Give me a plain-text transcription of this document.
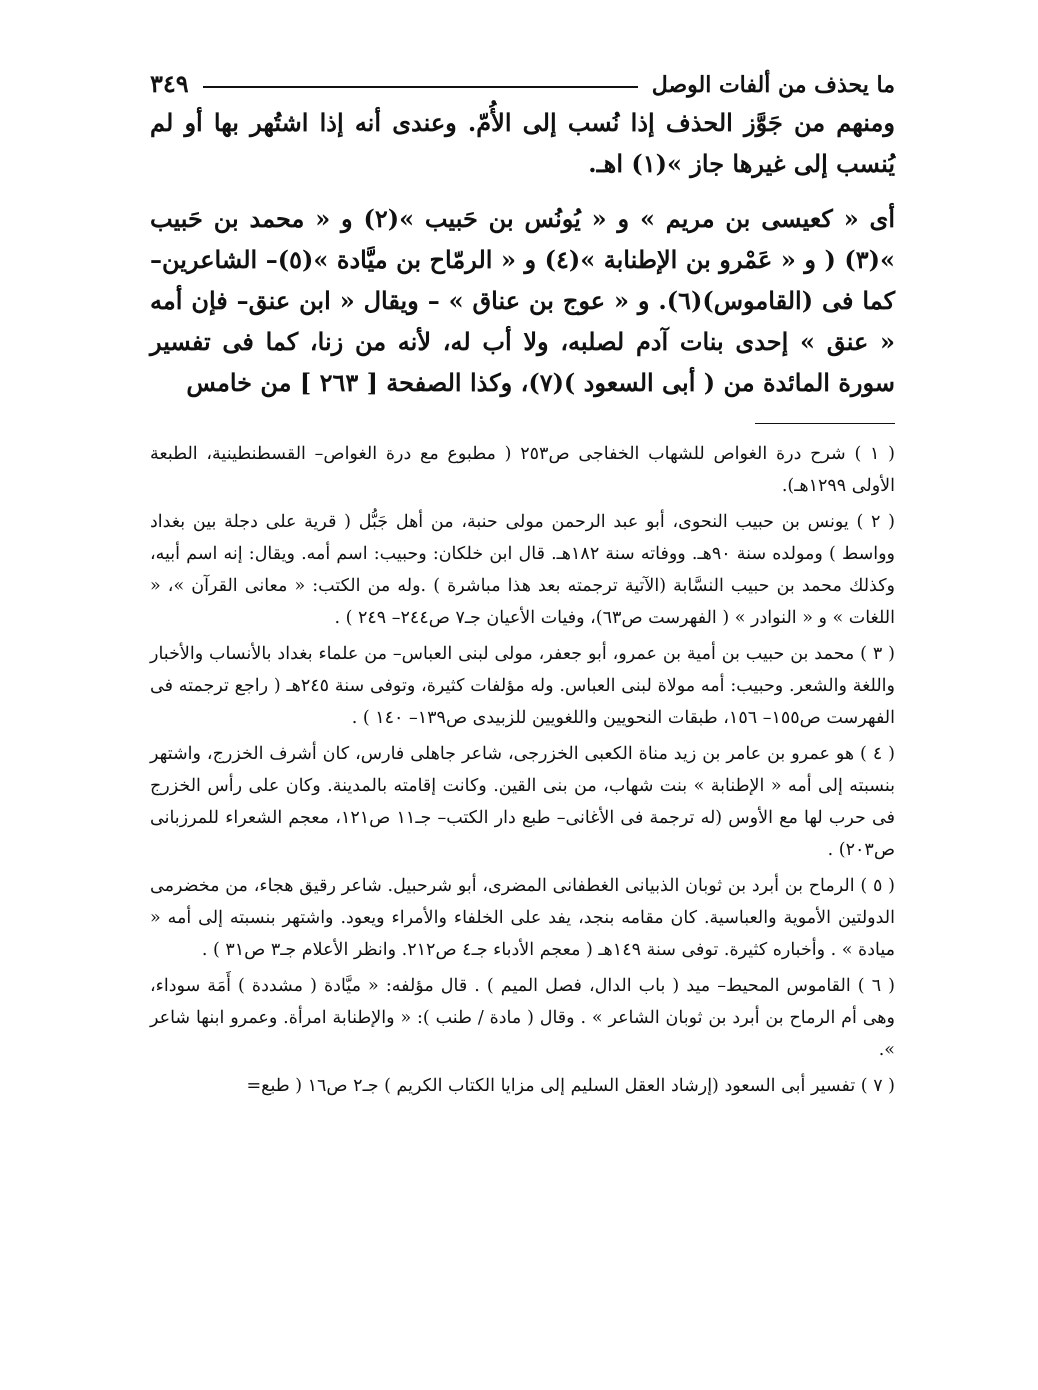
ما يحذف من ألفات الوصل
٣٤٩

ومنهم من جَوَّز الحذف إذا نُسب إلى الأُمّ. وعندى أنه إذا اشتُهر بها أو لم يُنسب إلى غيرها جاز »(١) اهـ.

أى « كعيسى بن مريم » و « يُونُس بن حَبيب »(٢) و « محمد بن حَبيب »(٣) ( و « عَمْرو بن الإطنابة »(٤) و « الرمّاح بن ميَّادة »(٥)– الشاعرين– كما فى (القاموس)(٦). و « عوج بن عناق » – ويقال « ابن عنق– فإن أمه « عنق » إحدى بنات آدم لصلبه، ولا أب له، لأنه من زنا، كما فى تفسير سورة المائدة من ( أبى السعود )(٧)، وكذا الصفحة [ ٢٦٣ ] من خامس

( ١ ) شرح درة الغواص للشهاب الخفاجى ص٢٥٣ ( مطبوع مع درة الغواص– القسطنطينية، الطبعة الأولى ١٢٩٩هـ).

( ٢ ) يونس بن حبيب النحوى، أبو عبد الرحمن مولى حنبة، من أهل جَبُّل ( قرية على دجلة بين بغداد وواسط ) ومولده سنة ٩٠هـ. ووفاته سنة ١٨٢هـ. قال ابن خلكان: وحبيب: اسم أمه. ويقال: إنه اسم أبيه، وكذلك محمد بن حبيب النسَّابة (الآتية ترجمته بعد هذا مباشرة ) .وله من الكتب: « معانى القرآن »، « اللغات » و « النوادر » ( الفهرست ص٦٣)، وفيات الأعيان جـ٧ ص٢٤٤– ٢٤٩ ) .

( ٣ ) محمد بن حبيب بن أمية بن عمرو، أبو جعفر، مولى لبنى العباس– من علماء بغداد بالأنساب والأخبار واللغة والشعر. وحبيب: أمه مولاة لبنى العباس. وله مؤلفات كثيرة، وتوفى سنة ٢٤٥هـ ( راجع ترجمته فى الفهرست ص١٥٥– ١٥٦، طبقات النحويين واللغويين للزبيدى ص١٣٩– ١٤٠ ) .

( ٤ ) هو عمرو بن عامر بن زيد مناة الكعبى الخزرجى، شاعر جاهلى فارس، كان أشرف الخزرج، واشتهر بنسبته إلى أمه « الإطنابة » بنت شهاب، من بنى القين. وكانت إقامته بالمدينة. وكان على رأس الخزرج فى حرب لها مع الأوس (له ترجمة فى الأغانى– طبع دار الكتب– جـ١١ ص١٢١، معجم الشعراء للمرزبانى ص٢٠٣) .

( ٥ ) الرماح بن أبرد بن ثوبان الذبيانى الغطفانى المضرى، أبو شرحبيل. شاعر رقيق هجاء، من مخضرمى الدولتين الأموية والعباسية. كان مقامه بنجد، يفد على الخلفاء والأمراء ويعود. واشتهر بنسبته إلى أمه « ميادة » . وأخباره كثيرة. توفى سنة ١٤٩هـ ( معجم الأدباء جـ٤ ص٢١٢. وانظر الأعلام جـ٣ ص٣١ ) .

( ٦ ) القاموس المحيط– ميد ( باب الدال، فصل الميم ) . قال مؤلفه: « ميَّادة ( مشددة ) أَمَة سوداء، وهى أم الرماح بن أبرد بن ثوبان الشاعر » . وقال ( مادة / طنب ): « والإطنابة امرأة. وعمرو ابنها شاعر ».

( ٧ ) تفسير أبى السعود (إرشاد العقل السليم إلى مزايا الكتاب الكريم ) جـ٢ ص١٦ ( طبع=
